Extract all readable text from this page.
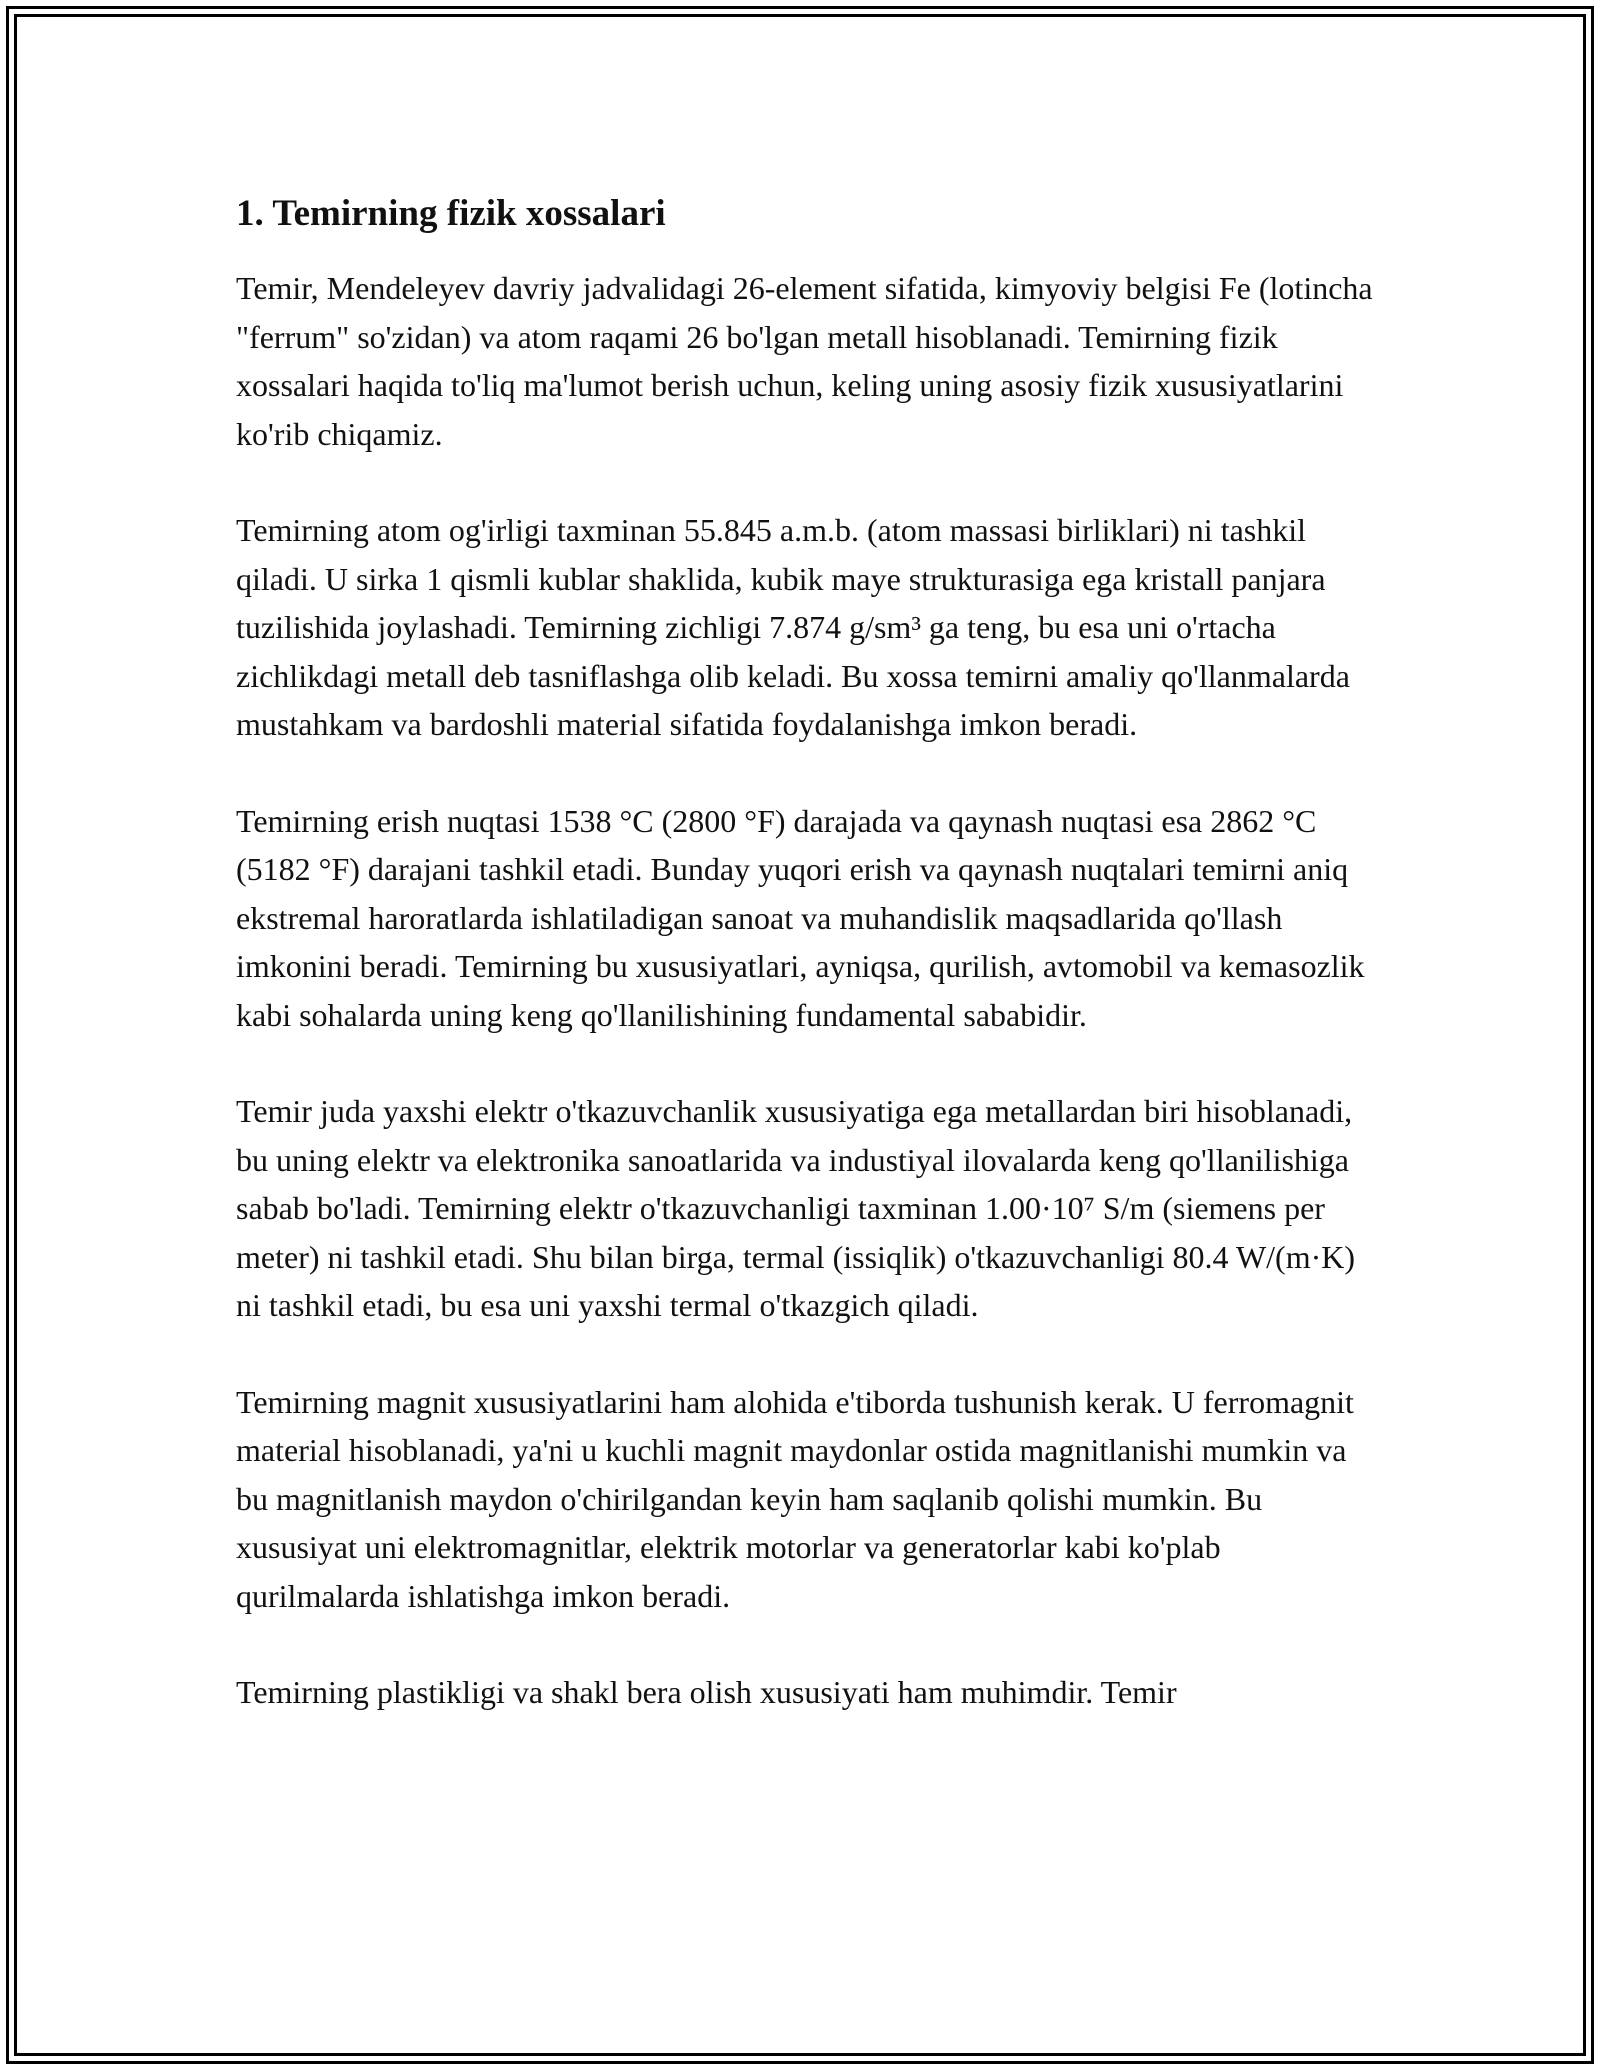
1. Temirning fizik xossalari

Temir, Mendeleyev davriy jadvalidagi 26-element sifatida, kimyoviy belgisi Fe (lotincha "ferrum" so'zidan) va atom raqami 26 bo'lgan metall hisoblanadi. Temirning fizik xossalari haqida to'liq ma'lumot berish uchun, keling uning asosiy fizik xususiyatlarini ko'rib chiqamiz.

Temirning atom og'irligi taxminan 55.845 a.m.b. (atom massasi birliklari) ni tashkil qiladi. U sirka 1 qismli kublar shaklida, kubik maye strukturasiga ega kristall panjara tuzilishida joylashadi. Temirning zichligi 7.874 g/sm³ ga teng, bu esa uni o'rtacha zichlikdagi metall deb tasniflashga olib keladi. Bu xossa temirni amaliy qo'llanmalarda mustahkam va bardoshli material sifatida foydalanishga imkon beradi.

Temirning erish nuqtasi 1538 °C (2800 °F) darajada va qaynash nuqtasi esa 2862 °C (5182 °F) darajani tashkil etadi. Bunday yuqori erish va qaynash nuqtalari temirni aniq ekstremal haroratlarda ishlatiladigan sanoat va muhandislik maqsadlarida qo'llash imkonini beradi. Temirning bu xususiyatlari, ayniqsa, qurilish, avtomobil va kemasozlik kabi sohalarda uning keng qo'llanilishining fundamental sababidir.

Temir juda yaxshi elektr o'tkazuvchanlik xususiyatiga ega metallardan biri hisoblanadi, bu uning elektr va elektronika sanoatlarida va industiyal ilovalarda keng qo'llanilishiga sabab bo'ladi. Temirning elektr o'tkazuvchanligi taxminan 1.00·10⁷ S/m (siemens per meter) ni tashkil etadi. Shu bilan birga, termal (issiqlik) o'tkazuvchanligi 80.4 W/(m·K) ni tashkil etadi, bu esa uni yaxshi termal o'tkazgich qiladi.

Temirning magnit xususiyatlarini ham alohida e'tiborda tushunish kerak. U ferromagnit material hisoblanadi, ya'ni u kuchli magnit maydonlar ostida magnitlanishi mumkin va bu magnitlanish maydon o'chirilgandan keyin ham saqlanib qolishi mumkin. Bu xususiyat uni elektromagnitlar, elektrik motorlar va generatorlar kabi ko'plab qurilmalarda ishlatishga imkon beradi.

Temirning plastikligi va shakl bera olish xususiyati ham muhimdir. Temir
